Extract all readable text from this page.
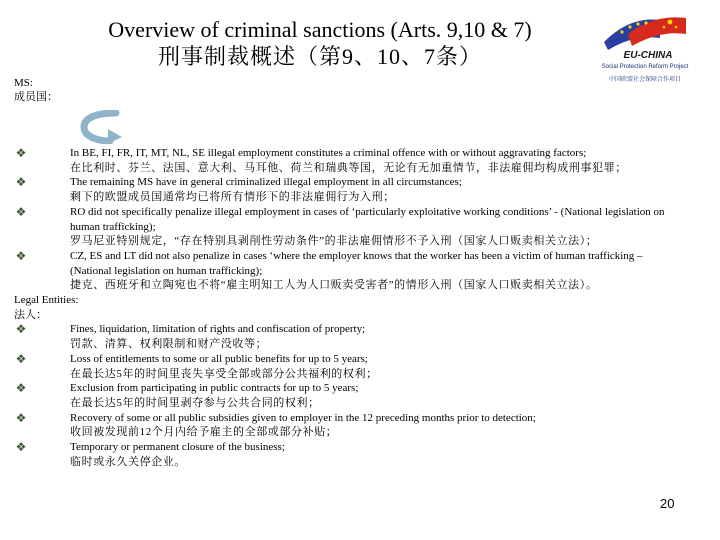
Overview of criminal sanctions (Arts. 9,10 & 7)
刑事制裁概述（第9、10、7条）	EU-CHINA
Social Protection Reform Project
中国欧盟社会保障合作项目
MS:
成员国：
❖	In BE, FI, FR, IT, MT, NL, SE illegal employment constitutes a criminal offence with or without aggravating factors;
在比利时、芬兰、法国、意大利、马耳他、荷兰和瑞典等国，无论有无加重情节，非法雇佣均构成刑事犯罪；
❖	The remaining MS have in general criminalized illegal employment in all circumstances;
剩下的欧盟成员国通常均已将所有情形下的非法雇佣行为入刑；
❖	RO did not specifically penalize illegal employment in cases of ‘particularly exploitative working conditions’ - (National legislation on human trafficking);
罗马尼亚特别规定，“存在特别具剥削性劳动条件”的非法雇佣情形不予入刑（国家人口贩卖相关立法）；
❖	CZ, ES and LT did not also penalize in cases ‘where the employer knows that the worker has been a victim of human trafficking – (National legislation on human trafficking);
捷克、西班牙和立陶宛也不将“雇主明知工人为人口贩卖受害者”的情形入刑（国家人口贩卖相关立法）。
Legal Entities:
法人：
❖	Fines, liquidation, limitation of rights and confiscation of property;
罚款、清算、权利限制和财产没收等；
❖	Loss of entitlements to some or all public benefits for up to 5 years;
在最长达5年的时间里丧失享受全部或部分公共福利的权利；
❖	Exclusion from participating in public contracts for up to 5 years;
在最长达5年的时间里剥夺参与公共合同的权利；
❖	Recovery of some or all public subsidies given to employer in the 12 preceding months prior to detection;
收回被发现前12个月内给予雇主的全部或部分补贴；
❖	Temporary or permanent closure of the business;
临时或永久关停企业。
20
